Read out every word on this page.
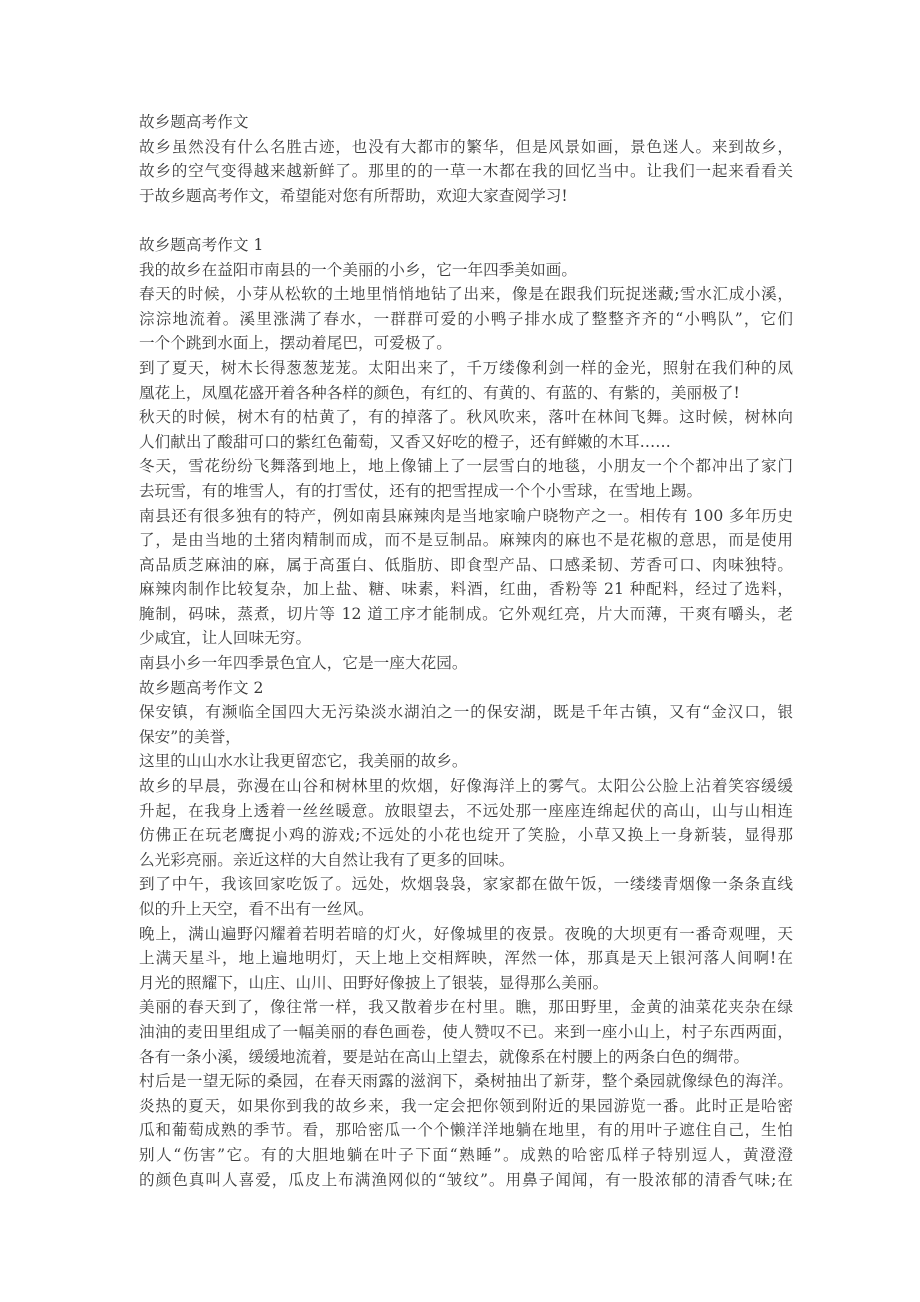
故乡题高考作文
故乡虽然没有什么名胜古迹，也没有大都市的繁华，但是风景如画，景色迷人。来到故乡，
故乡的空气变得越来越新鲜了。那里的的一草一木都在我的回忆当中。让我们一起来看看关
于故乡题高考作文，希望能对您有所帮助，欢迎大家查阅学习!
故乡题高考作文 1
我的故乡在益阳市南县的一个美丽的小乡，它一年四季美如画。
春天的时候，小芽从松软的土地里悄悄地钻了出来，像是在跟我们玩捉迷藏;雪水汇成小溪，
淙淙地流着。溪里涨满了春水，一群群可爱的小鸭子排水成了整整齐齐的“小鸭队”，它们
一个个跳到水面上，摆动着尾巴，可爱极了。
到了夏天，树木长得葱葱茏茏。太阳出来了，千万缕像利剑一样的金光，照射在我们种的凤
凰花上，凤凰花盛开着各种各样的颜色，有红的、有黄的、有蓝的、有紫的，美丽极了!
秋天的时候，树木有的枯黄了，有的掉落了。秋风吹来，落叶在林间飞舞。这时候，树林向
人们献出了酸甜可口的紫红色葡萄，又香又好吃的橙子，还有鲜嫩的木耳……
冬天，雪花纷纷飞舞落到地上，地上像铺上了一层雪白的地毯，小朋友一个个都冲出了家门
去玩雪，有的堆雪人，有的打雪仗，还有的把雪捏成一个个小雪球，在雪地上踢。
南县还有很多独有的特产，例如南县麻辣肉是当地家喻户晓物产之一。相传有 100 多年历史
了，是由当地的土猪肉精制而成，而不是豆制品。麻辣肉的麻也不是花椒的意思，而是使用
高品质芝麻油的麻，属于高蛋白、低脂肪、即食型产品、口感柔韧、芳香可口、肉味独特。
麻辣肉制作比较复杂，加上盐、糖、味素，料酒，红曲，香粉等 21 种配料，经过了选料，
腌制，码味，蒸煮，切片等 12 道工序才能制成。它外观红亮，片大而薄，干爽有嚼头，老
少咸宜，让人回味无穷。
南县小乡一年四季景色宜人，它是一座大花园。
故乡题高考作文 2
保安镇，有濒临全国四大无污染淡水湖泊之一的保安湖，既是千年古镇，又有“金汉口，银
保安”的美誉，
这里的山山水水让我更留恋它，我美丽的故乡。
故乡的早晨，弥漫在山谷和树林里的炊烟，好像海洋上的雾气。太阳公公脸上沾着笑容缓缓
升起，在我身上透着一丝丝暖意。放眼望去，不远处那一座座连绵起伏的高山，山与山相连
仿佛正在玩老鹰捉小鸡的游戏;不远处的小花也绽开了笑脸，小草又换上一身新装，显得那
么光彩亮丽。亲近这样的大自然让我有了更多的回味。
到了中午，我该回家吃饭了。远处，炊烟袅袅，家家都在做午饭，一缕缕青烟像一条条直线
似的升上天空，看不出有一丝风。
晚上，满山遍野闪耀着若明若暗的灯火，好像城里的夜景。夜晚的大坝更有一番奇观哩，天
上满天星斗，地上遍地明灯，天上地上交相辉映，浑然一体，那真是天上银河落人间啊!在
月光的照耀下，山庄、山川、田野好像披上了银装，显得那么美丽。
美丽的春天到了，像往常一样，我又散着步在村里。瞧，那田野里，金黄的油菜花夹杂在绿
油油的麦田里组成了一幅美丽的春色画卷，使人赞叹不已。来到一座小山上，村子东西两面，
各有一条小溪，缓缓地流着，要是站在高山上望去，就像系在村腰上的两条白色的绸带。
村后是一望无际的桑园，在春天雨露的滋润下，桑树抽出了新芽，整个桑园就像绿色的海洋。
炎热的夏天，如果你到我的故乡来，我一定会把你领到附近的果园游览一番。此时正是哈密
瓜和葡萄成熟的季节。看，那哈密瓜一个个懒洋洋地躺在地里，有的用叶子遮住自己，生怕
别人“伤害”它。有的大胆地躺在叶子下面“熟睡”。成熟的哈密瓜样子特别逗人，黄澄澄
的颜色真叫人喜爱，瓜皮上布满渔网似的“皱纹”。用鼻子闻闻，有一股浓郁的清香气味;在
